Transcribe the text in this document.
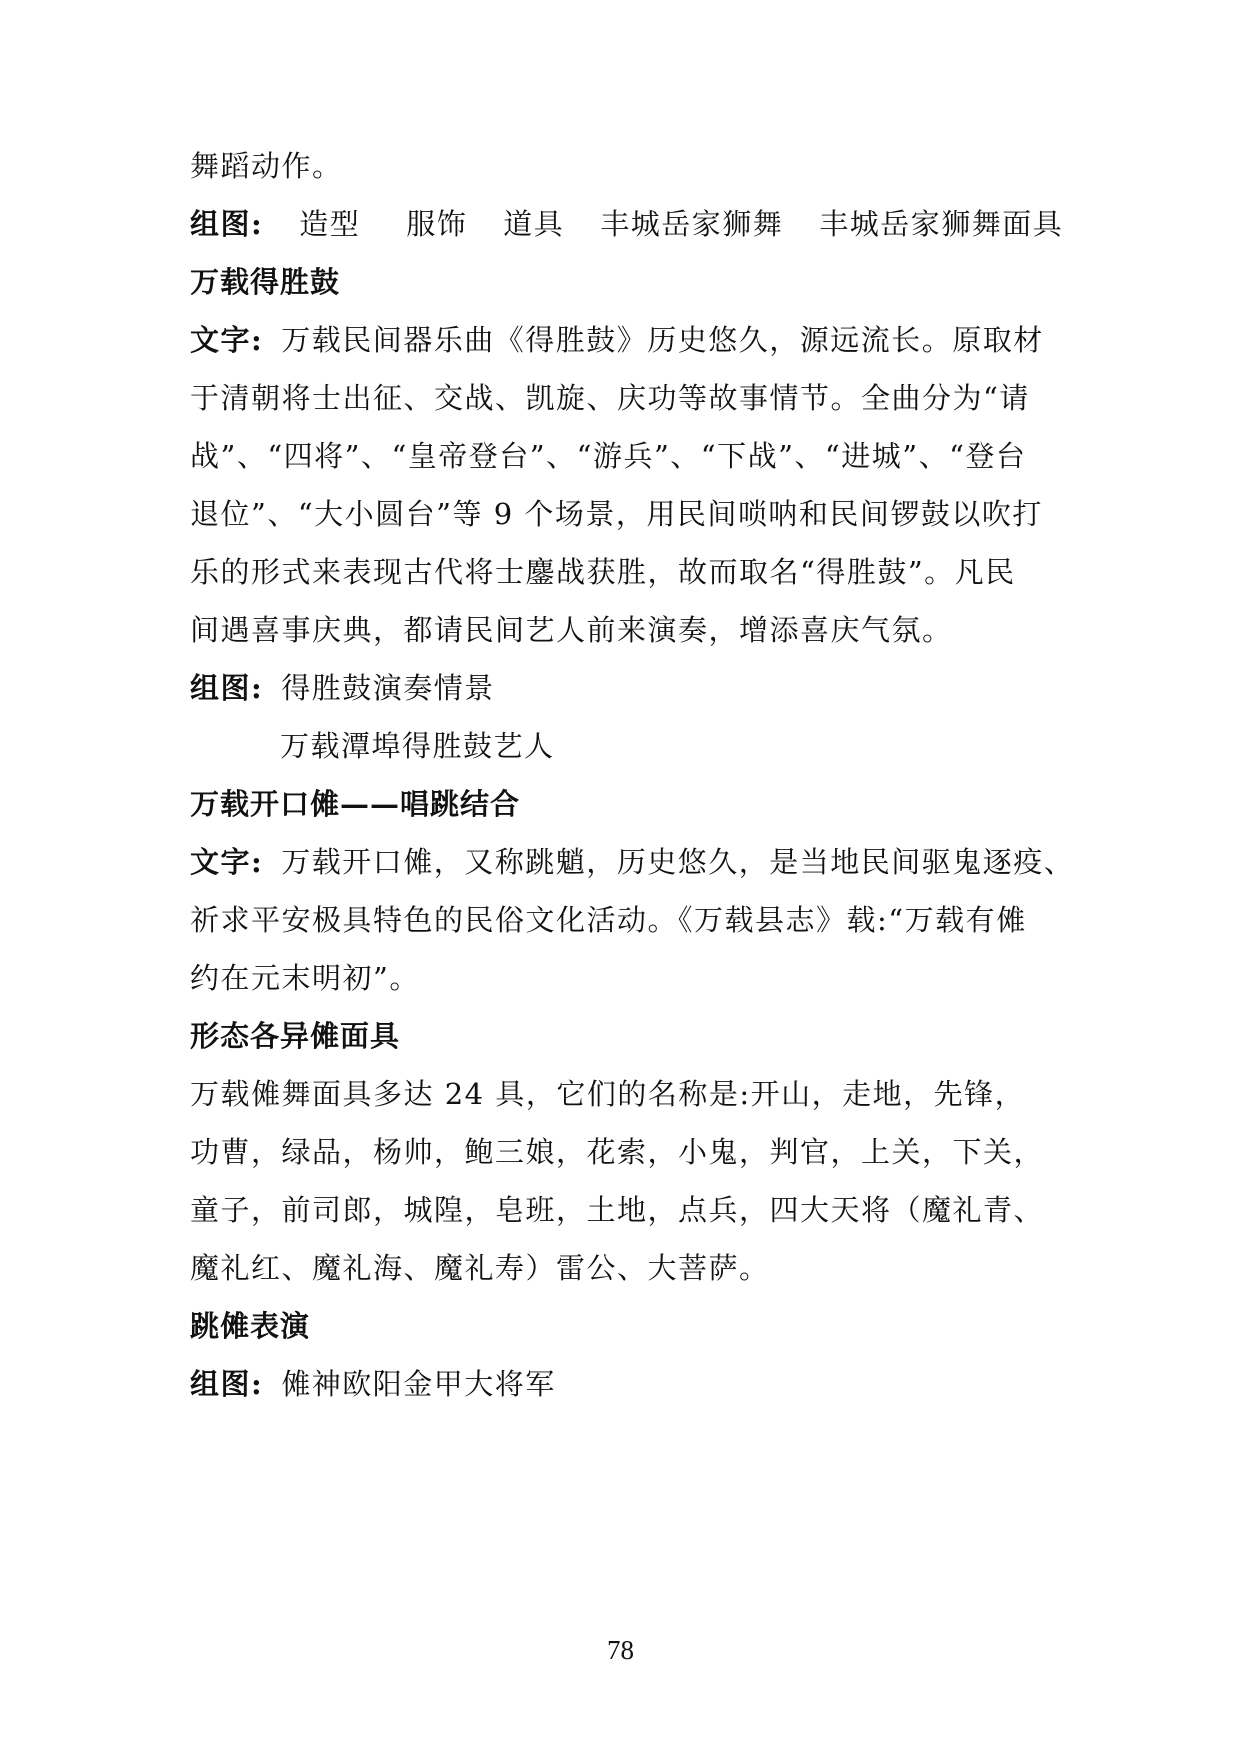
舞蹈动作。
组图: 造型 服饰 道具 丰城岳家狮舞 丰城岳家狮舞面具
万载得胜鼓
文字: 万载民间器乐曲《得胜鼓》历史悠久，源远流长。原取材
于清朝将士出征、交战、凯旋、庆功等故事情节。全曲分为“请
战”、“四将”、“皇帝登台”、“游兵”、“下战”、“进城”、“登台
退位”、“大小圆台”等 9 个场景，用民间唢呐和民间锣鼓以吹打
乐的形式来表现古代将士鏖战获胜，故而取名“得胜鼓”。凡民
间遇喜事庆典，都请民间艺人前来演奏，增添喜庆气氛。
组图: 得胜鼓演奏情景
万载潭埠得胜鼓艺人
万载开口傩——唱跳结合
文字: 万载开口傩，又称跳魈，历史悠久，是当地民间驱鬼逐疫、
祈求平安极具特色的民俗文化活动。《万载县志》载:“万载有傩
约在元末明初”。
形态各异傩面具
万载傩舞面具多达 24 具，它们的名称是:开山，走地，先锋，
功曹，绿品，杨帅，鲍三娘，花索，小鬼，判官，上关，下关，
童子，前司郎，城隍，皂班，土地，点兵，四大天将（魔礼青、
魔礼红、魔礼海、魔礼寿）雷公、大菩萨。
跳傩表演
组图: 傩神欧阳金甲大将军
78
